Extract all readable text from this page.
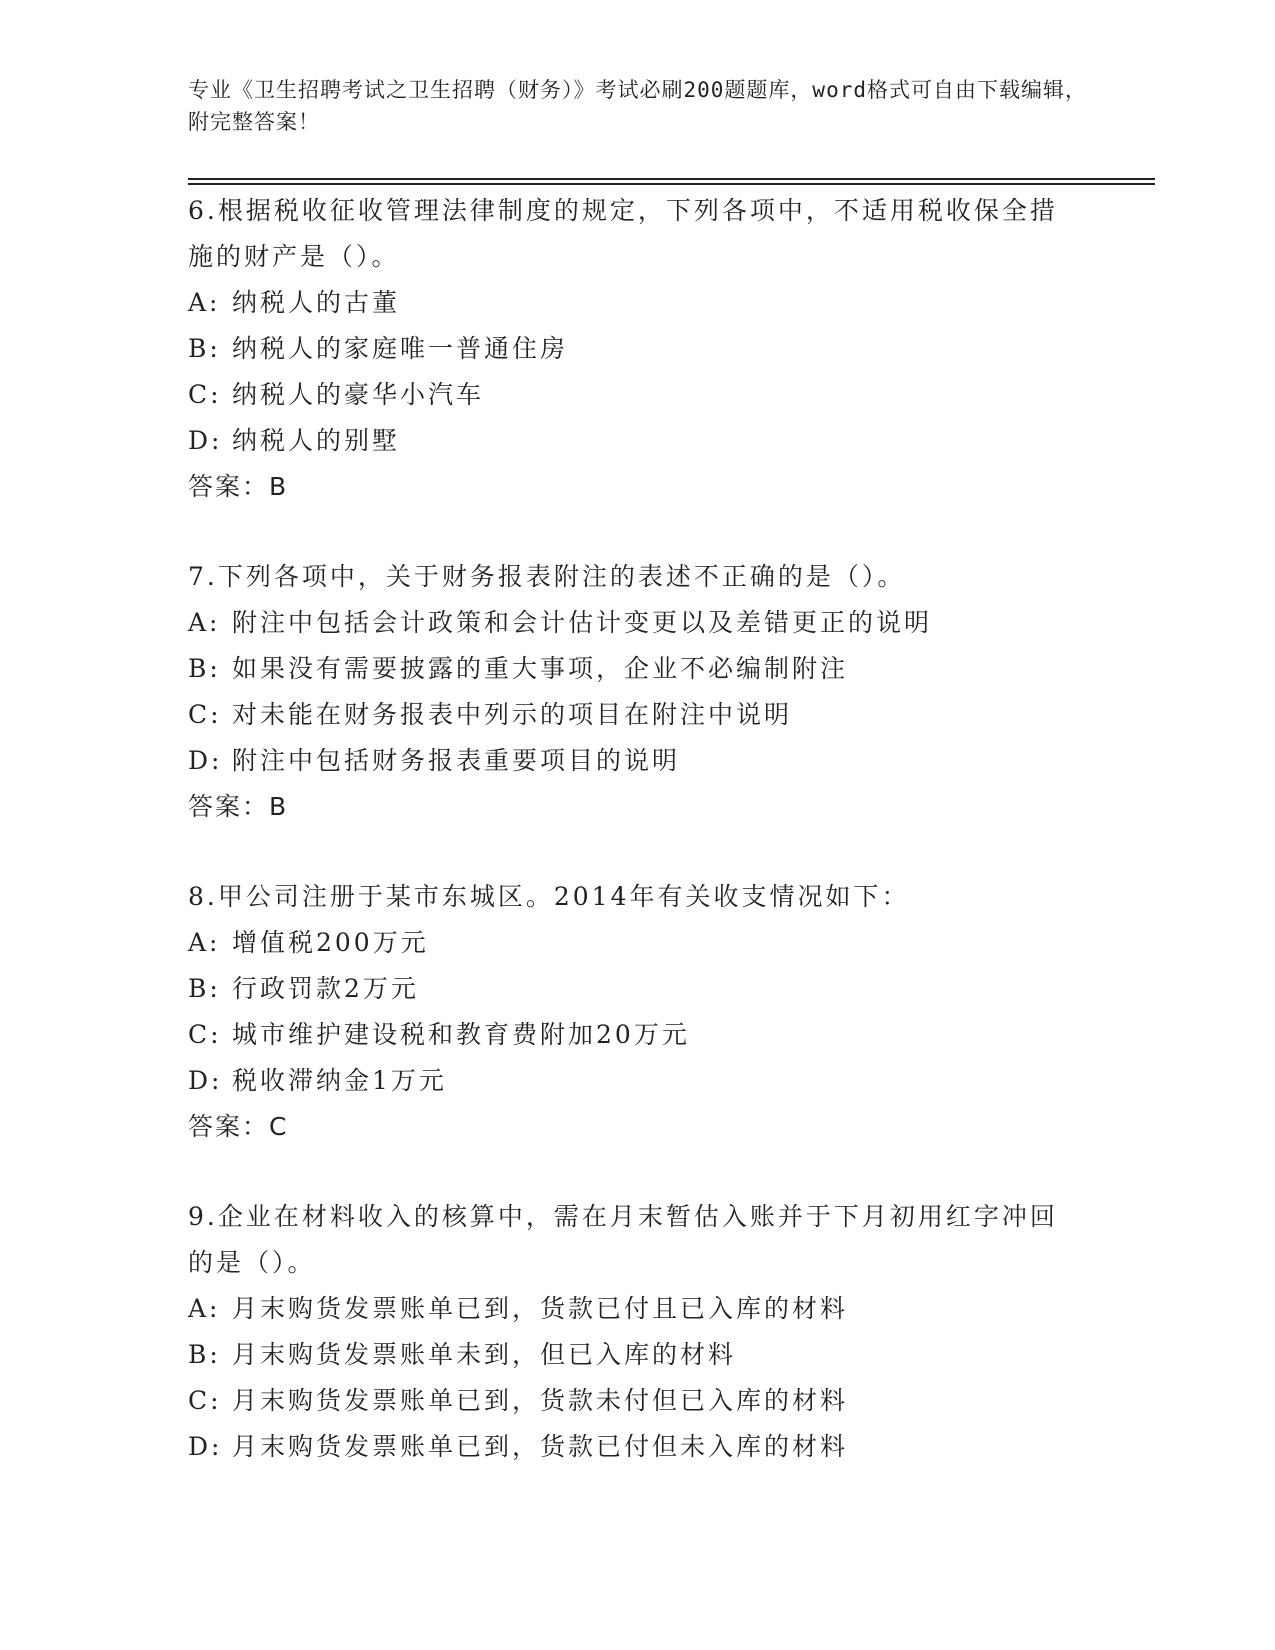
专业《卫生招聘考试之卫生招聘（财务）》考试必刷200题题库，word格式可自由下载编辑，附完整答案！

6.根据税收征收管理法律制度的规定，下列各项中，不适用税收保全措施的财产是（）。

A: 纳税人的古董
B: 纳税人的家庭唯一普通住房
C: 纳税人的豪华小汽车
D: 纳税人的别墅
答案：B

7.下列各项中，关于财务报表附注的表述不正确的是（）。

A: 附注中包括会计政策和会计估计变更以及差错更正的说明
B: 如果没有需要披露的重大事项，企业不必编制附注
C: 对未能在财务报表中列示的项目在附注中说明
D: 附注中包括财务报表重要项目的说明
答案：B

8.甲公司注册于某市东城区。2014年有关收支情况如下：

A: 增值税200万元
B: 行政罚款2万元
C: 城市维护建设税和教育费附加20万元
D: 税收滞纳金1万元
答案：C

9.企业在材料收入的核算中，需在月末暂估入账并于下月初用红字冲回的是（）。

A: 月末购货发票账单已到，货款已付且已入库的材料
B: 月末购货发票账单未到，但已入库的材料
C: 月末购货发票账单已到，货款未付但已入库的材料
D: 月末购货发票账单已到，货款已付但未入库的材料
